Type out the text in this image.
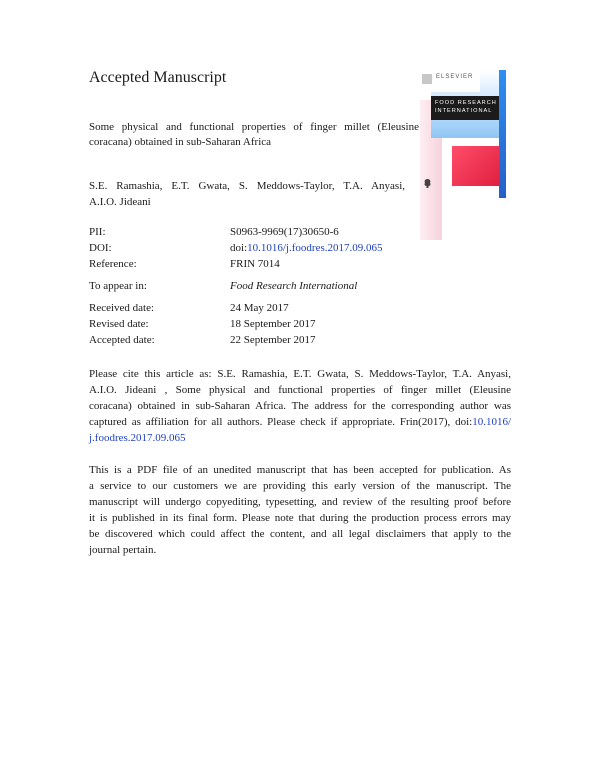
Accepted Manuscript
Some physical and functional properties of finger millet (Eleusine
coracana) obtained in sub-Saharan Africa
S.E. Ramashia, E.T. Gwata, S. Meddows-Taylor, T.A. Anyasi,
A.I.O. Jideani
ELSEVIER
FOOD RESEARCH
INTERNATIONAL
PII:	S0963-9969(17)30650-6
DOI:	doi:10.1016/j.foodres.2017.09.065
Reference:	FRIN 7014
To appear in:	Food Research International
Received date:	24 May 2017
Revised date:	18 September 2017
Accepted date:	22 September 2017
Please cite this article as: S.E. Ramashia, E.T. Gwata, S. Meddows-Taylor, T.A. Anyasi,
A.I.O. Jideani , Some physical and functional properties of finger millet (Eleusine
coracana) obtained in sub-Saharan Africa. The address for the corresponding author was
captured as affiliation for all authors. Please check if appropriate. Frin(2017), doi:10.1016/
j.foodres.2017.09.065
This is a PDF file of an unedited manuscript that has been accepted for publication. As
a service to our customers we are providing this early version of the manuscript. The
manuscript will undergo copyediting, typesetting, and review of the resulting proof before
it is published in its final form. Please note that during the production process errors may
be discovered which could affect the content, and all legal disclaimers that apply to the
journal pertain.
